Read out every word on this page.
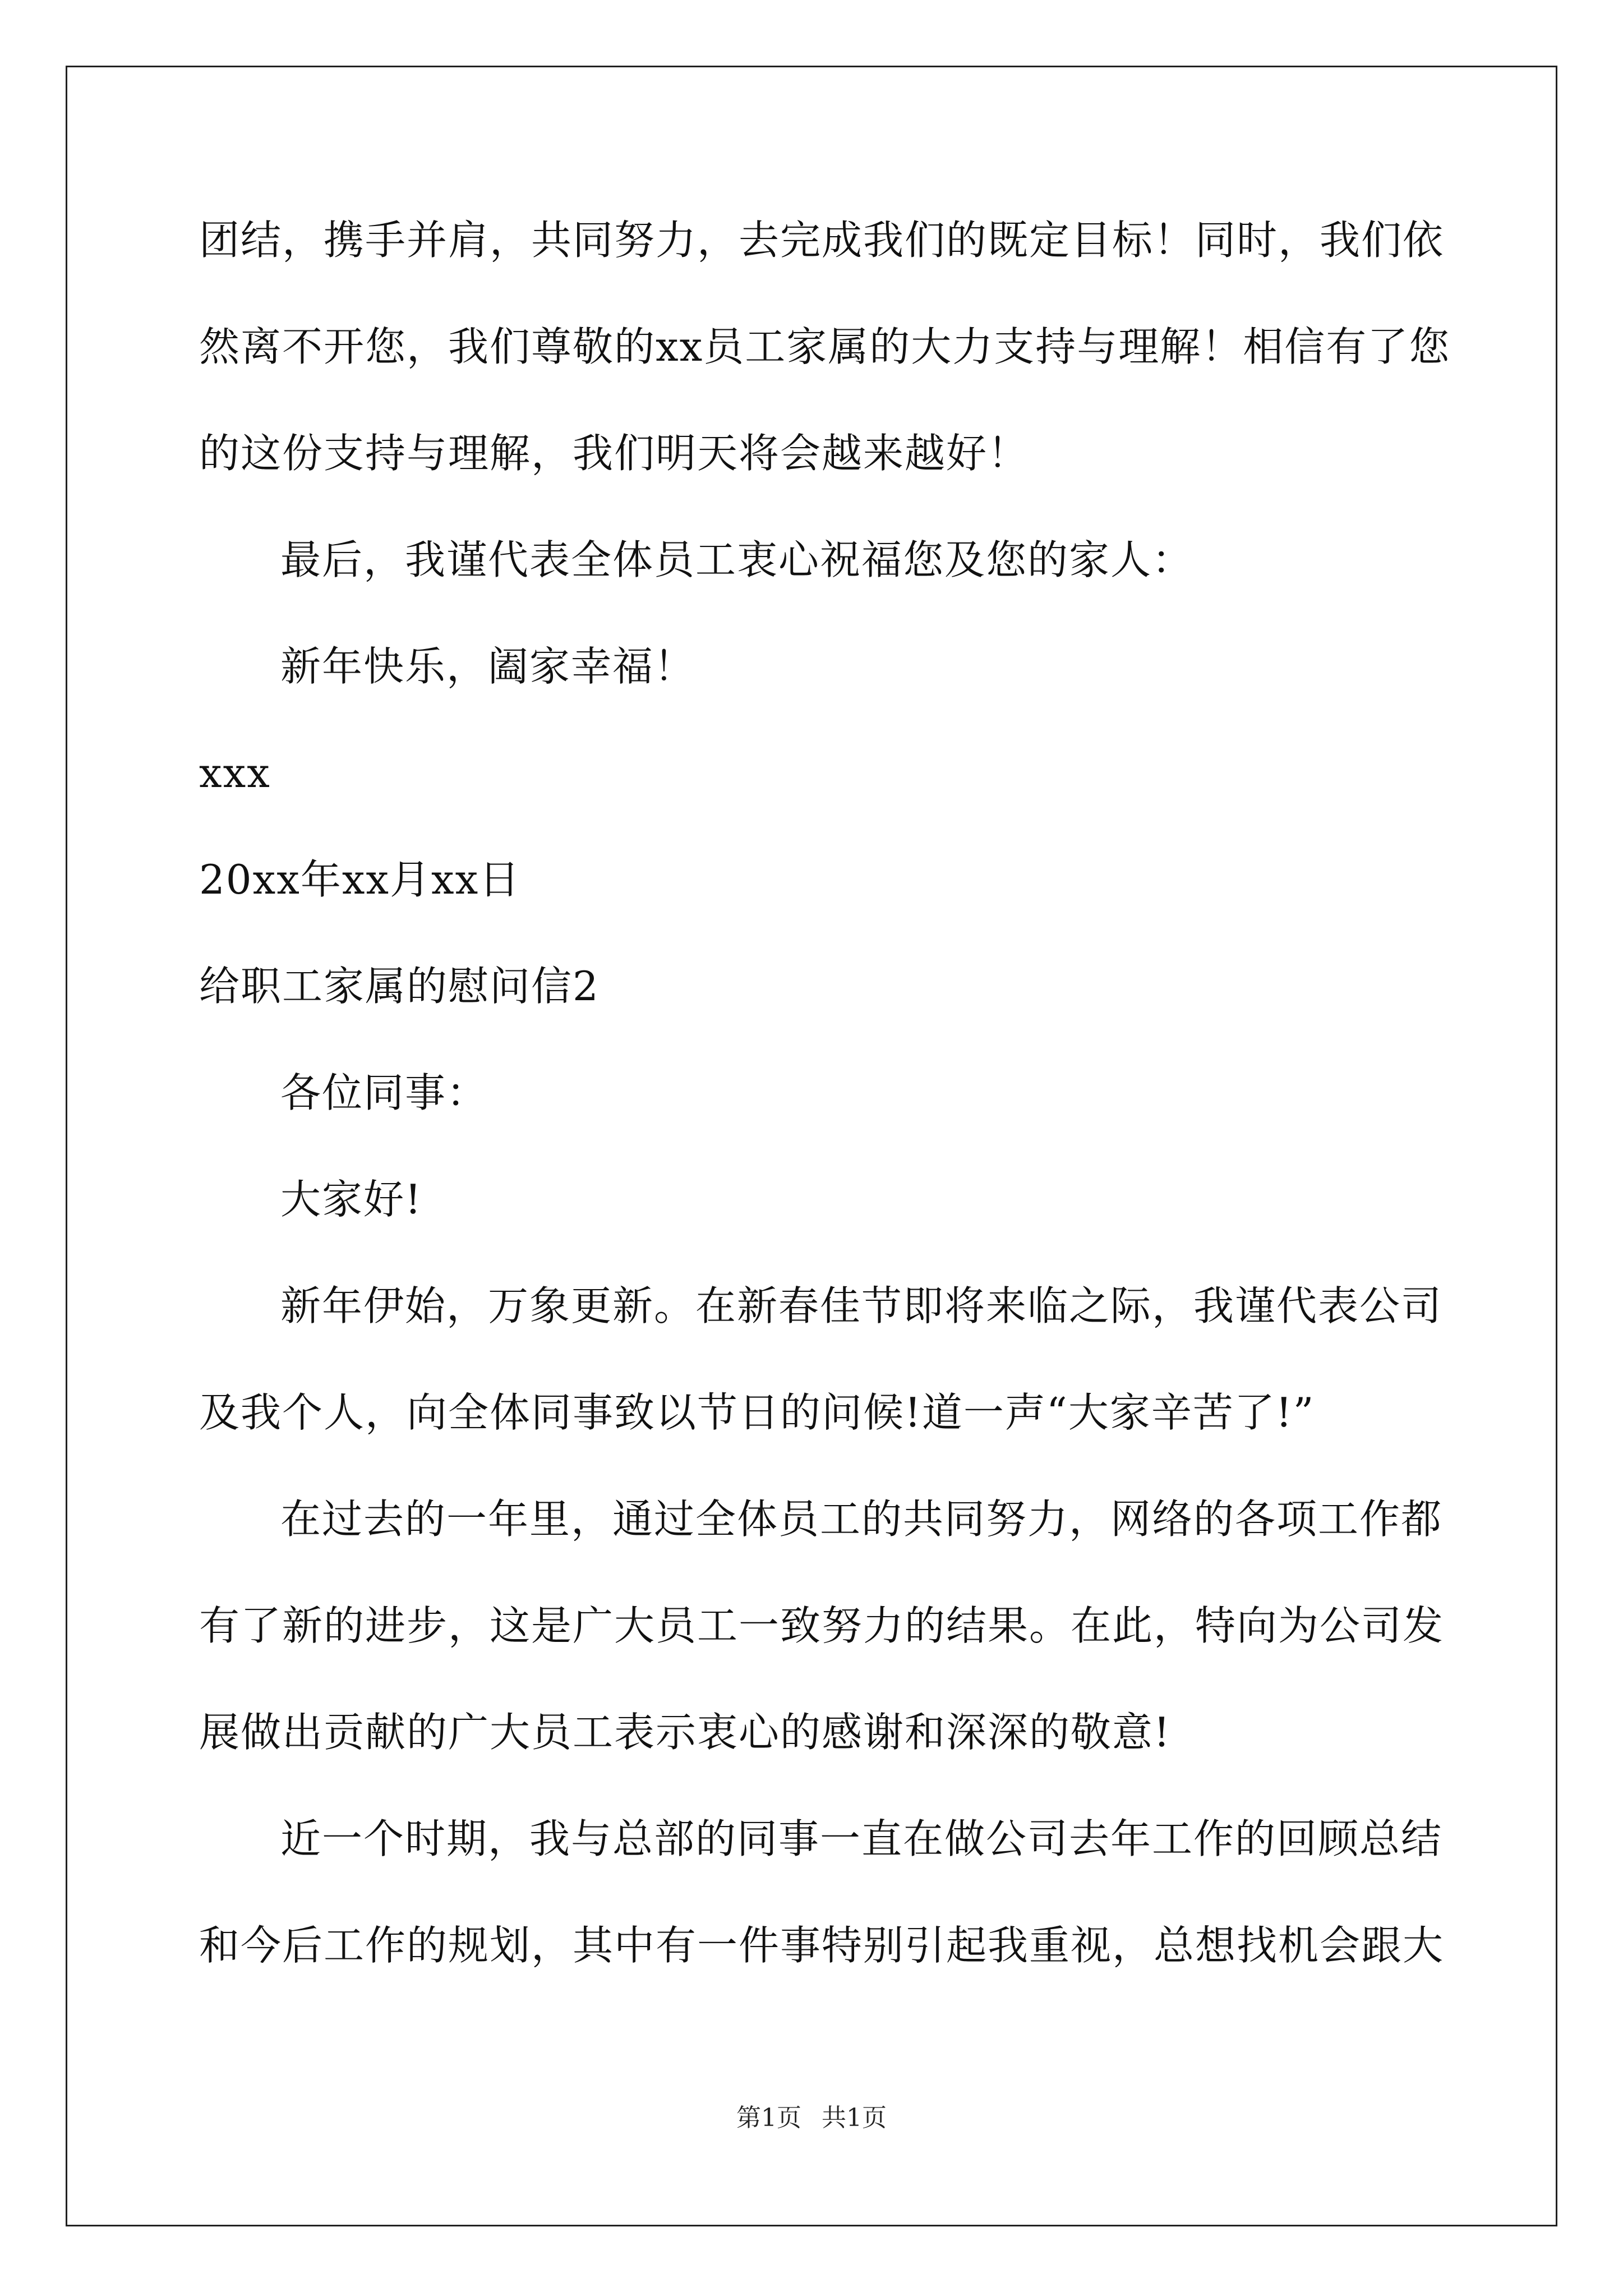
团结，携手并肩，共同努力，去完成我们的既定目标！同时，我们依
然离不开您，我们尊敬的xx员工家属的大力支持与理解！相信有了您
的这份支持与理解，我们明天将会越来越好！
最后，我谨代表全体员工衷心祝福您及您的家人：
新年快乐，阖家幸福！
xxx
20xx年xx月xx日
给职工家属的慰问信2
各位同事：
大家好!
新年伊始，万象更新。在新春佳节即将来临之际，我谨代表公司
及我个人，向全体同事致以节日的问候!道一声“大家辛苦了!”
在过去的一年里，通过全体员工的共同努力，网络的各项工作都
有了新的进步，这是广大员工一致努力的结果。在此，特向为公司发
展做出贡献的广大员工表示衷心的感谢和深深的敬意!
近一个时期，我与总部的同事一直在做公司去年工作的回顾总结
和今后工作的规划，其中有一件事特别引起我重视，总想找机会跟大
第1页 共1页
